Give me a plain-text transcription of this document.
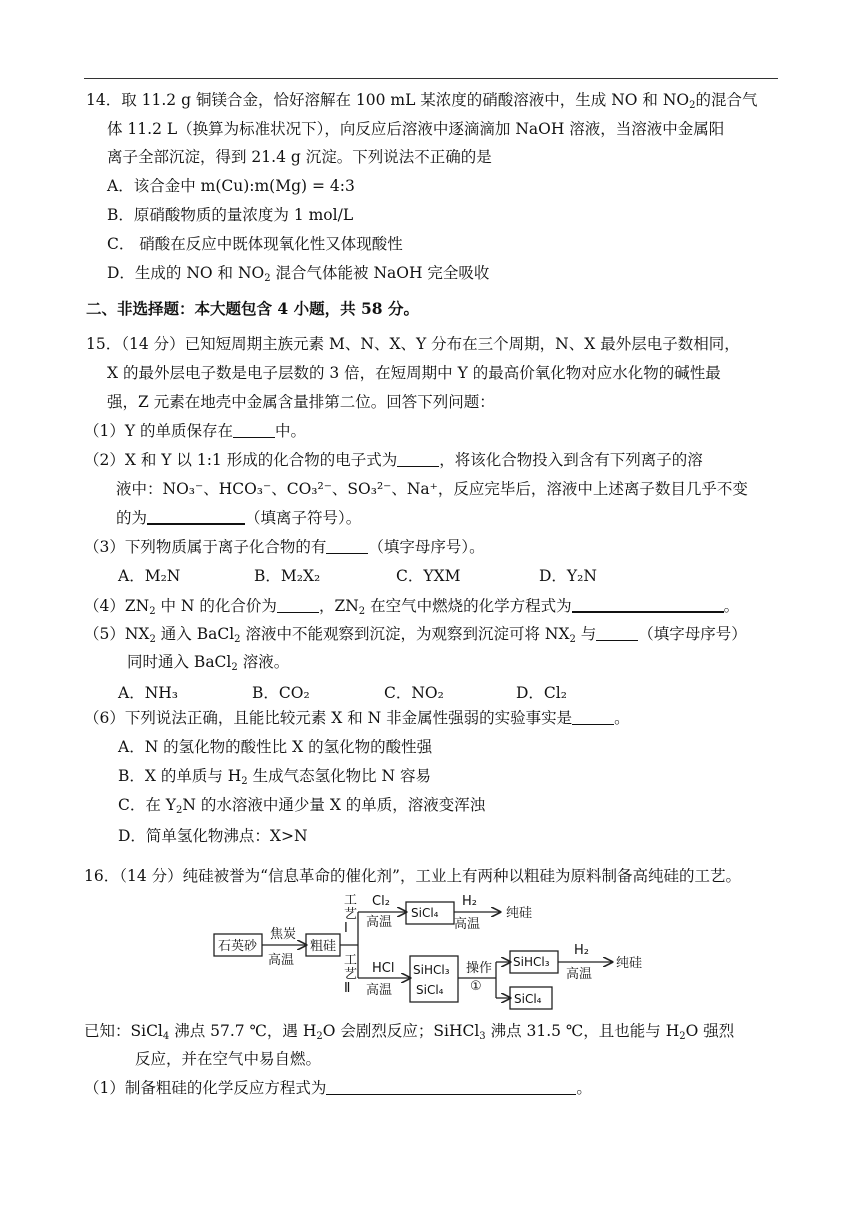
14．取 11.2 g 铜镁合金，恰好溶解在 100 mL 某浓度的硝酸溶液中，生成 NO 和 $NO_2$的混合气
体 11.2 L（换算为标准状况下），向反应后溶液中逐滴滴加 NaOH 溶液，当溶液中金属阳
离子全部沉淀，得到 21.4 g 沉淀。下列说法不正确的是
A．该合金中 m(Cu):m(Mg) = 4:3
B．原硝酸物质的量浓度为 1 mol/L
C． 硝酸在反应中既体现氧化性又体现酸性
D．生成的 NO 和 $NO_2$ 混合气体能被 NaOH 完全吸收
二、非选择题：本大题包含 4 小题，共 58 分。
15．（14 分）已知短周期主族元素 M、N、X、Y 分布在三个周期，N、X 最外层电子数相同，
X 的最外层电子数是电子层数的 3 倍，在短周期中 Y 的最高价氧化物对应水化物的碱性最
强，Z 元素在地壳中金属含量排第二位。回答下列问题：
（1）Y 的单质保存在	中。
（2）X 和 Y 以 1:1 形成的化合物的电子式为	，将该化合物投入到含有下列离子的溶
液中：NO₃⁻、HCO₃⁻、CO₃²⁻、SO₃²⁻、Na⁺，反应完毕后，溶液中上述离子数目几乎不变
的为	（填离子符号）。
（3）下列物质属于离子化合物的有	（填字母序号）。
A．M₂N	B．M₂X₂	C．YXM	D．Y₂N
$(4)ZN_2$ 中 N 的化合价为	，$ZN_2$ 在空气中燃烧的化学方程式为	。
$(5)NX_2$ 通入 BaCl$_2$ 溶液中不能观察到沉淀，为观察到沉淀可将 $NX_2$ 与	（填字母序号）
同时通入 BaCl$_2$ 溶液。
A．NH₃	B．CO₂	C．NO₂	D．Cl₂
（6）下列说法正确，且能比较元素 X 和 N 非金属性强弱的实验事实是	。
A．N 的氢化物的酸性比 X 的氢化物的酸性强
B．X 的单质与 $H_2$ 生成气态氢化物比 N 容易
C．在 $Y_2N$ 的水溶液中通少量 X 的单质，溶液变浑浊
D．简单氢化物沸点：X>N
16．（14 分）纯硅被誉为“信息革命的催化剂”，工业上有两种以粗硅为原料制备高纯硅的工艺。
石英砂
焦炭
高温
粗硅
工
艺
Ⅰ
工
艺
Ⅱ
Cl₂
高温
SiCl₄
H₂
高温
纯硅
HCl
高温
SiHCl₃
SiCl₄
操作
①
SiHCl₃
SiCl₄
H₂
高温
纯硅
已知：SiCl$_4$ 沸点 57.7 ℃，遇 $H_2O$ 会剧烈反应；SiHCl$_3$ 沸点 31.5 ℃，且也能与 $H_2O$ 强烈
反应，并在空气中易自燃。
（1）制备粗硅的化学反应方程式为	。
